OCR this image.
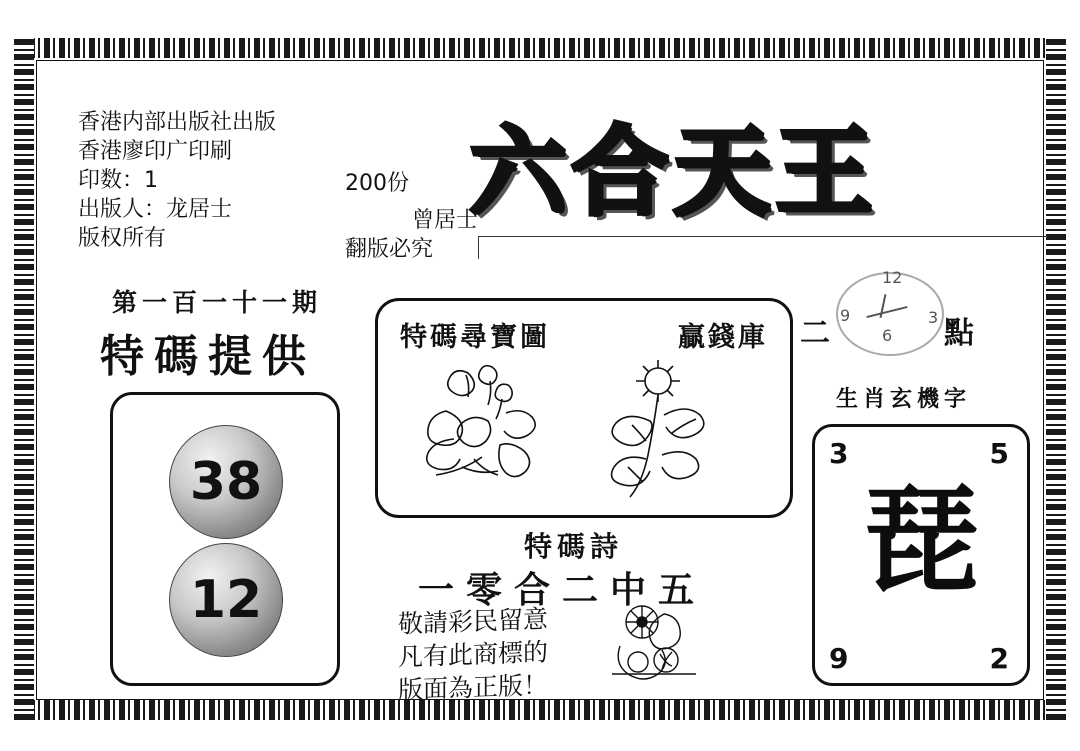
香港内部出版社出版
香港廖印广印刷
印数：1
出版人：龙居士
版权所有
200份
曾居士
翻版必究
六合天王
第一百一十一期
特碼提供
38
12
特碼尋寶圖	贏錢庫
特碼詩
一零合二中五
敬請彩民留意
凡有此商標的
版面為正版！
12
3
6
9
二	點
生肖玄機字
3	5
9	2
琵
